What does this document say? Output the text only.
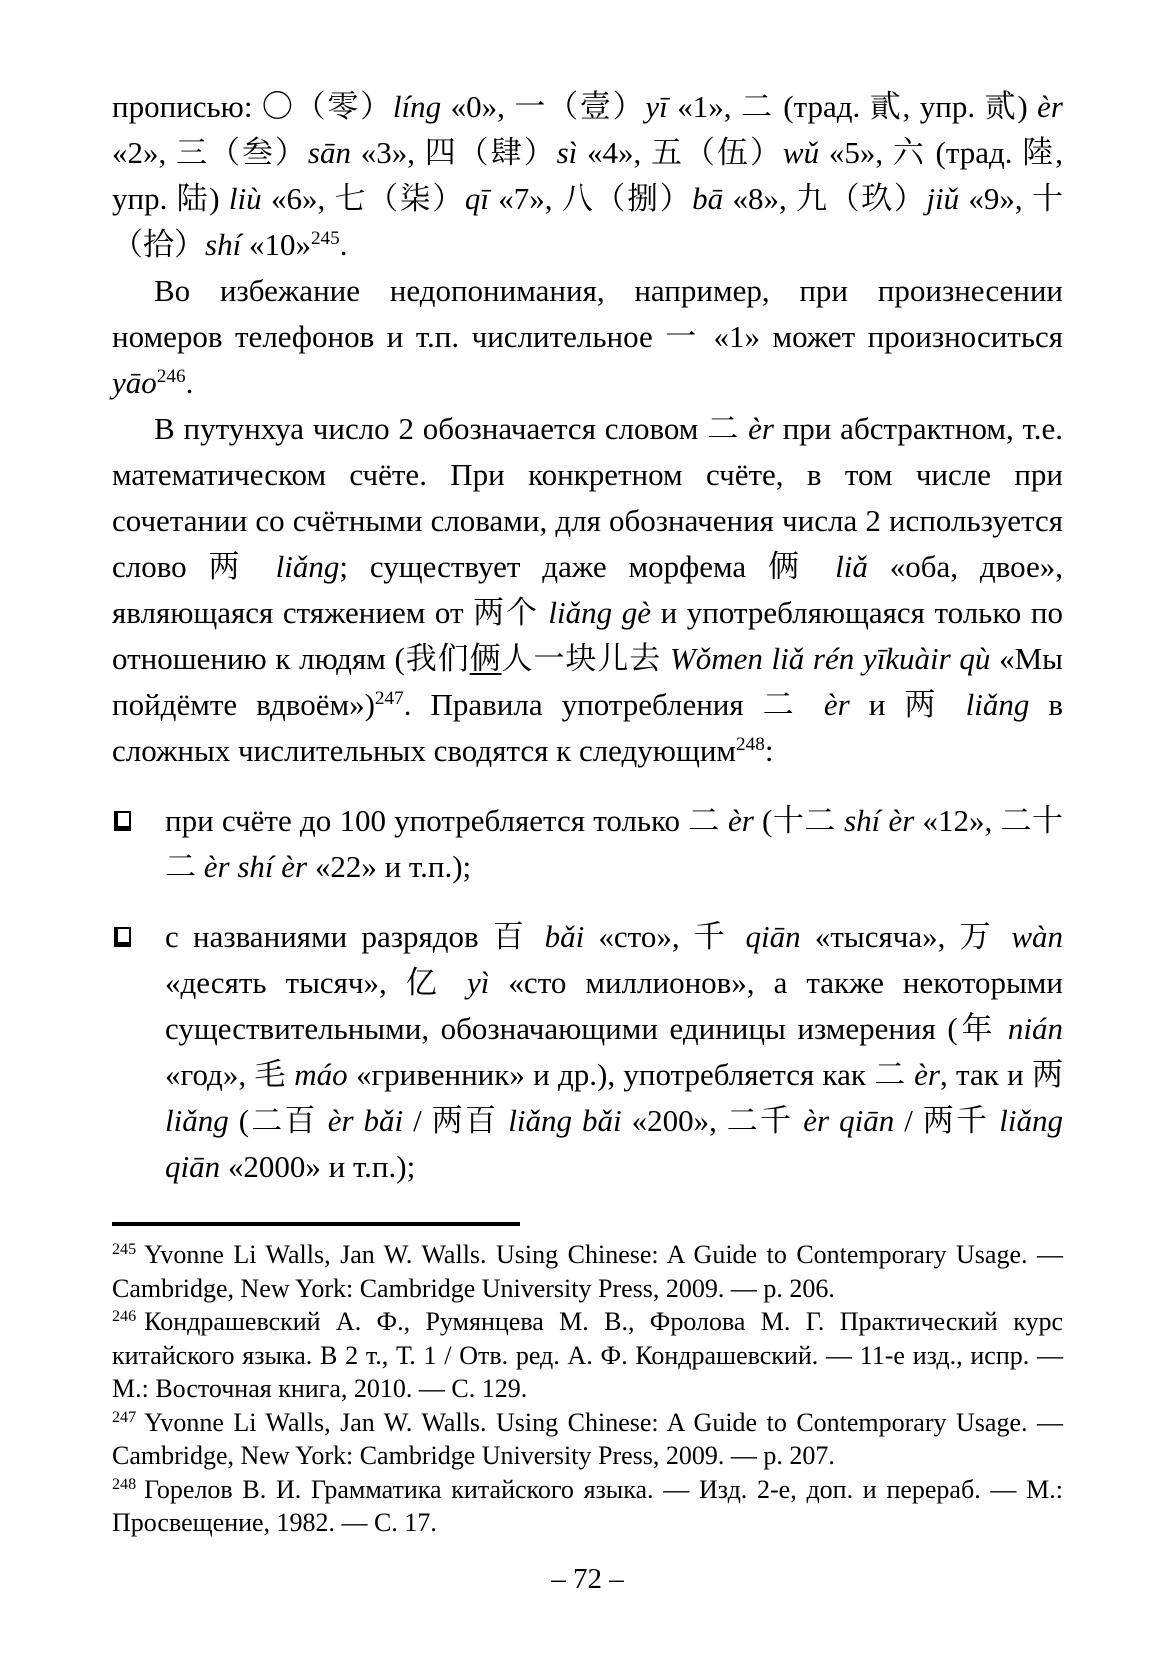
прописью: 〇（零）líng «0», 一（壹）yī «1», 二 (трад. 貳, упр. 贰) èr «2», 三（叁）sān «3», 四（肆）sì «4», 五（伍）wǔ «5», 六 (трад. 陸, упр. 陆) liù «6», 七（柒）qī «7», 八（捌）bā «8», 九（玖）jiǔ «9», 十（拾）shí «10»$^{245}$.

Во избежание недопонимания, например, при произнесении номеров телефонов и т.п. числительное 一 «1» может произноситься yāo$^{246}$.

В путунхуа число 2 обозначается словом 二 èr при абстрактном, т.е. математическом счёте. При конкретном счёте, в том числе при сочетании со счётными словами, для обозначения числа 2 используется слово 两 liǎng; существует даже морфема 俩 liǎ «оба, двое», являющаяся стяжением от 两个 liǎng gè и употребляющаяся только по отношению к людям (我们俩人一块儿去 Wǒmen liǎ rén yīkuàir qù «Мы пойдёмте вдвоём»)$^{247}$. Правила употребления 二 èr и 两 liǎng в сложных числительных сводятся к следующим$^{248}$:

при счёте до 100 употребляется только 二 èr (十二 shí èr «12», 二十二 èr shí èr «22» и т.п.);
с названиями разрядов 百 bǎi «сто», 千 qiān «тысяча», 万 wàn «десять тысяч», 亿 yì «сто миллионов», а также некоторыми существительными, обозначающими единицы измерения (年 nián «год», 毛 máo «гривенник» и др.), употребляется как 二 èr, так и 两 liǎng (二百 èr bǎi / 两百 liǎng bǎi «200», 二千 èr qiān / 两千 liǎng qiān «2000» и т.п.);

$^{245}$ Yvonne Li Walls, Jan W. Walls. Using Chinese: A Guide to Contemporary Usage. — Cambridge, New York: Cambridge University Press, 2009. — p. 206.

$^{246}$ Кондрашевский А. Ф., Румянцева М. В., Фролова М. Г. Практический курс китайского языка. В 2 т., Т. 1 / Отв. ред. А. Ф. Кондрашевский. — 11-е изд., испр. — М.: Восточная книга, 2010. — С. 129.

$^{247}$ Yvonne Li Walls, Jan W. Walls. Using Chinese: A Guide to Contemporary Usage. — Cambridge, New York: Cambridge University Press, 2009. — p. 207.

$^{248}$ Горелов В. И. Грамматика китайского языка. — Изд. 2-е, доп. и перераб. — М.: Просвещение, 1982. — С. 17.

– 72 –
